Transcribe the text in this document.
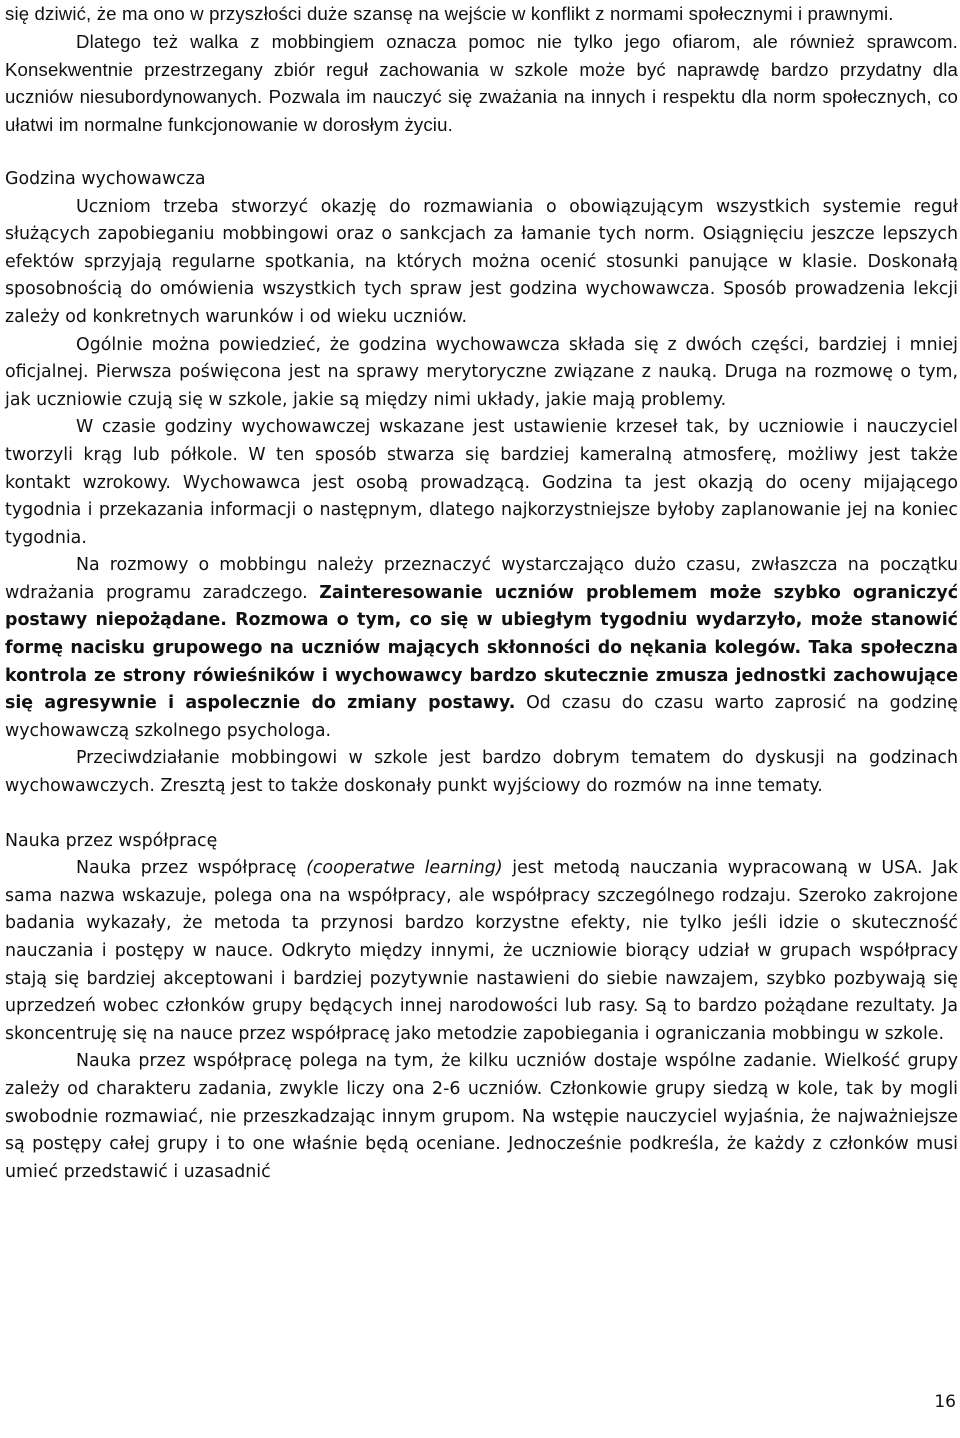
się dziwić, że ma ono w przyszłości duże szansę na wejście w konflikt z normami społecznymi i prawnymi.

Dlatego też walka z mobbingiem oznacza pomoc nie tylko jego ofiarom, ale również sprawcom. Konsekwentnie przestrzegany zbiór reguł zachowania w szkole może być naprawdę bardzo przydatny dla uczniów niesubordynowanych. Pozwala im nauczyć się zważania na innych i respektu dla norm społecznych, co ułatwi im normalne funkcjonowanie w dorosłym życiu.

Godzina wychowawcza

Uczniom trzeba stworzyć okazję do rozmawiania o obowiązującym wszystkich systemie reguł służących zapobieganiu mobbingowi oraz o sankcjach za łamanie tych norm. Osiągnięciu jeszcze lepszych efektów sprzyjają regularne spotkania, na których można ocenić stosunki panujące w klasie. Doskonałą sposobnością do omówienia wszystkich tych spraw jest godzina wychowawcza. Sposób prowadzenia lekcji zależy od konkretnych warunków i od wieku uczniów.

Ogólnie można powiedzieć, że godzina wychowawcza składa się z dwóch części, bardziej i mniej oficjalnej. Pierwsza poświęcona jest na sprawy merytoryczne związane z nauką. Druga na rozmowę o tym, jak uczniowie czują się w szkole, jakie są między nimi układy, jakie mają problemy.

W czasie godziny wychowawczej wskazane jest ustawienie krzeseł tak, by uczniowie i nauczyciel tworzyli krąg lub półkole. W ten sposób stwarza się bardziej kameralną atmosferę, możliwy jest także kontakt wzrokowy. Wychowawca jest osobą prowadzącą. Godzina ta jest okazją do oceny mijającego tygodnia i przekazania informacji o następnym, dlatego najkorzystniejsze byłoby zaplanowanie jej na koniec tygodnia.

Na rozmowy o mobbingu należy przeznaczyć wystarczająco dużo czasu, zwłaszcza na początku wdrażania programu zaradczego. Zainteresowanie uczniów problemem może szybko ograniczyć postawy niepożądane. Rozmowa o tym, co się w ubiegłym tygodniu wydarzyło, może stanowić formę nacisku grupowego na uczniów mających skłonności do nękania kolegów. Taka społeczna kontrola ze strony rówieśników i wychowawcy bardzo skutecznie zmusza jednostki zachowujące się agresywnie i aspolecznie do zmiany postawy. Od czasu do czasu warto zaprosić na godzinę wychowawczą szkolnego psychologa.

Przeciwdziałanie mobbingowi w szkole jest bardzo dobrym tematem do dyskusji na godzinach wychowawczych. Zresztą jest to także doskonały punkt wyjściowy do rozmów na inne tematy.

Nauka przez współpracę

Nauka przez współpracę (cooperatwe learning) jest metodą nauczania wypracowaną w USA. Jak sama nazwa wskazuje, polega ona na współpracy, ale współpracy szczególnego rodzaju. Szeroko zakrojone badania wykazały, że metoda ta przynosi bardzo korzystne efekty, nie tylko jeśli idzie o skuteczność nauczania i postępy w nauce. Odkryto między innymi, że uczniowie biorący udział w grupach współpracy stają się bardziej akceptowani i bardziej pozytywnie nastawieni do siebie nawzajem, szybko pozbywają się uprzedzeń wobec członków grupy będących innej narodowości lub rasy. Są to bardzo pożądane rezultaty. Ja skoncentruję się na nauce przez współpracę jako metodzie zapobiegania i ograniczania mobbingu w szkole.

Nauka przez współpracę polega na tym, że kilku uczniów dostaje wspólne zadanie. Wielkość grupy zależy od charakteru zadania, zwykle liczy ona 2-6 uczniów. Członkowie grupy siedzą w kole, tak by mogli swobodnie rozmawiać, nie przeszkadzając innym grupom. Na wstępie nauczyciel wyjaśnia, że najważniejsze są postępy całej grupy i to one właśnie będą oceniane. Jednocześnie podkreśla, że każdy z członków musi umieć przedstawić i uzasadnić

16
